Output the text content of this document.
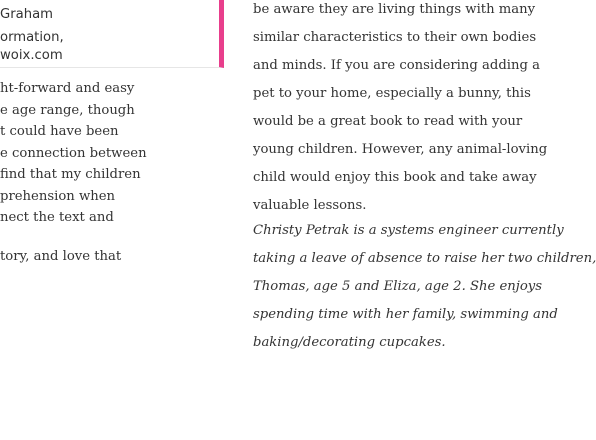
Graham
ormation,
woix.com
ht-forward and easy
e age range, though
t could have been
e connection between
find that my children
prehension when
nect the text and
tory, and love that
be aware they are living things with many
similar characteristics to their own bodies
and minds. If you are considering adding a
pet to your home, especially a bunny, this
would be a great book to read with your
young children. However, any animal-loving
child would enjoy this book and take away
valuable lessons.
Christy Petrak is a systems engineer currently
taking a leave of absence to raise her two children,
Thomas, age 5 and Eliza, age 2. She enjoys
spending time with her family, swimming and
baking/decorating cupcakes.
